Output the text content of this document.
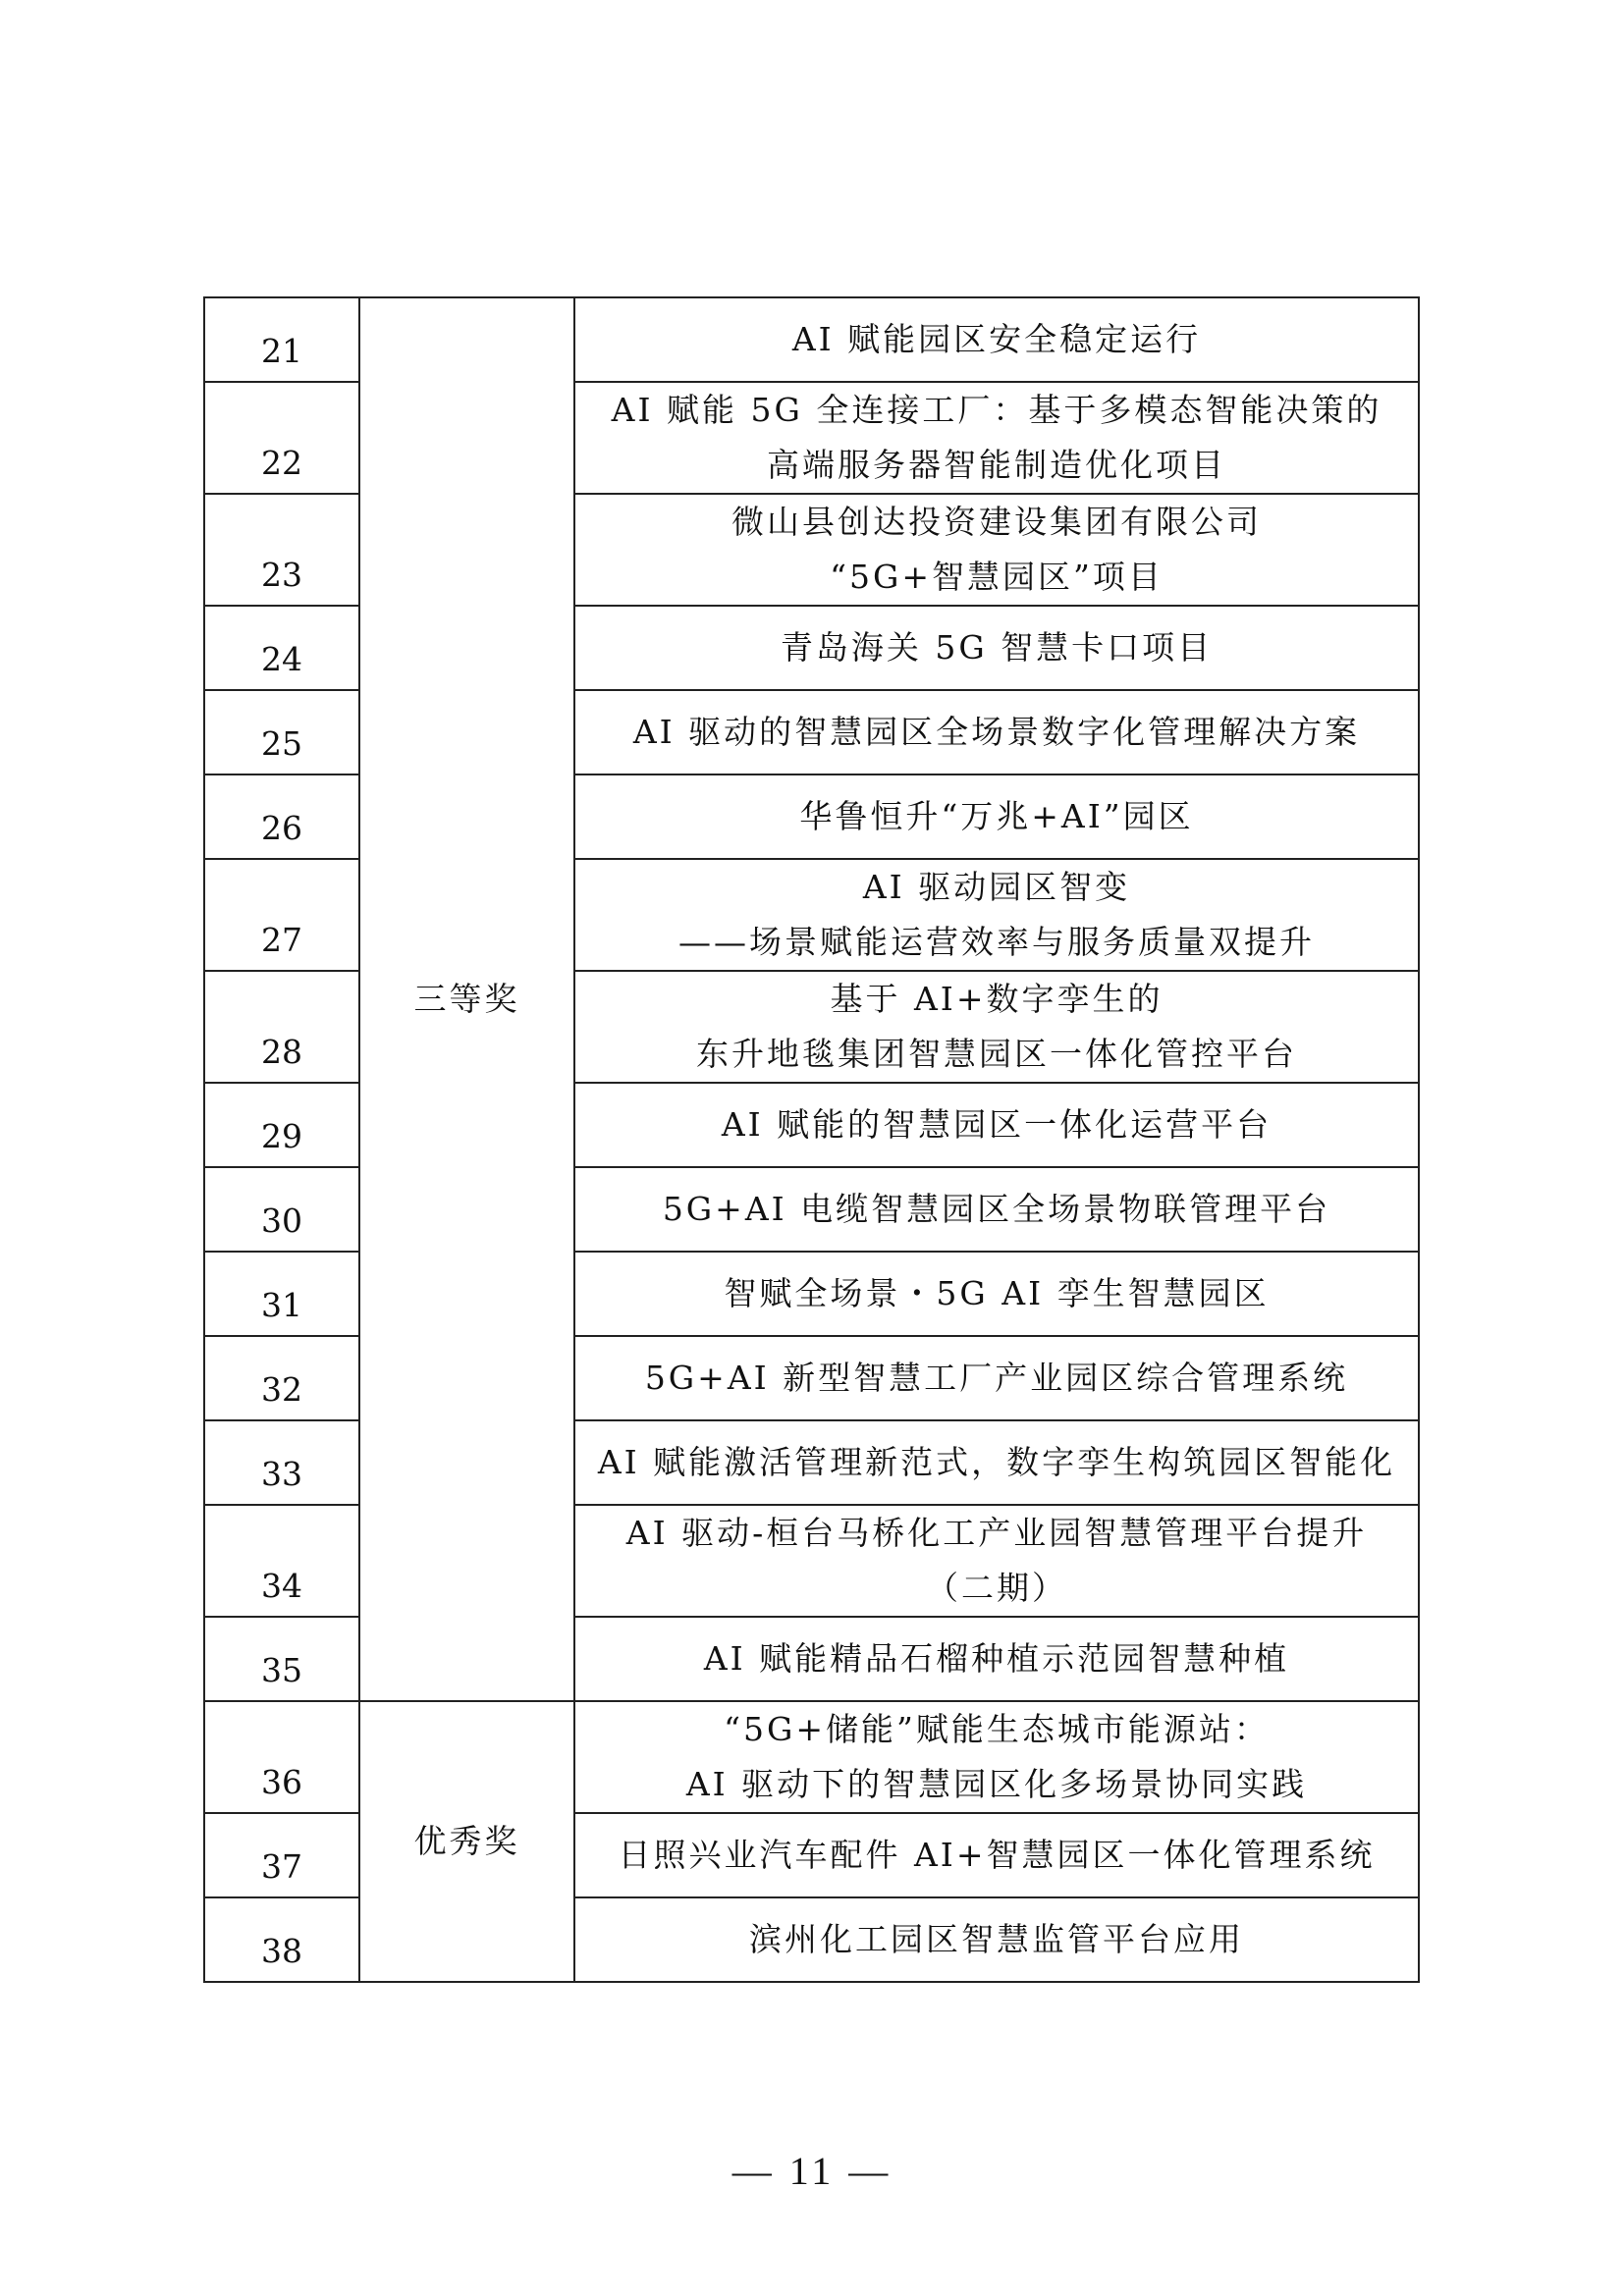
21	三等奖	AI 赋能园区安全稳定运行

22		AI 赋能 5G 全连接工厂：基于多模态智能决策的
高端服务器智能制造优化项目

23		微山县创达投资建设集团有限公司
“5G+智慧园区”项目

24		青岛海关 5G 智慧卡口项目

25		AI 驱动的智慧园区全场景数字化管理解决方案

26		华鲁恒升“万兆+AI”园区

27		AI 驱动园区智变
——场景赋能运营效率与服务质量双提升

28		基于 AI+数字孪生的
东升地毯集团智慧园区一体化管控平台

29		AI 赋能的智慧园区一体化运营平台

30		5G+AI 电缆智慧园区全场景物联管理平台

31		智赋全场景・5G AI 孪生智慧园区

32		5G+AI 新型智慧工厂产业园区综合管理系统

33		AI 赋能激活管理新范式，数字孪生构筑园区智能化

34		AI 驱动-桓台马桥化工产业园智慧管理平台提升
（二期）

35		AI 赋能精品石榴种植示范园智慧种植

36	优秀奖	“5G+储能”赋能生态城市能源站：
AI 驱动下的智慧园区化多场景协同实践

37		日照兴业汽车配件 AI+智慧园区一体化管理系统

38		滨州化工园区智慧监管平台应用
— 11 —
